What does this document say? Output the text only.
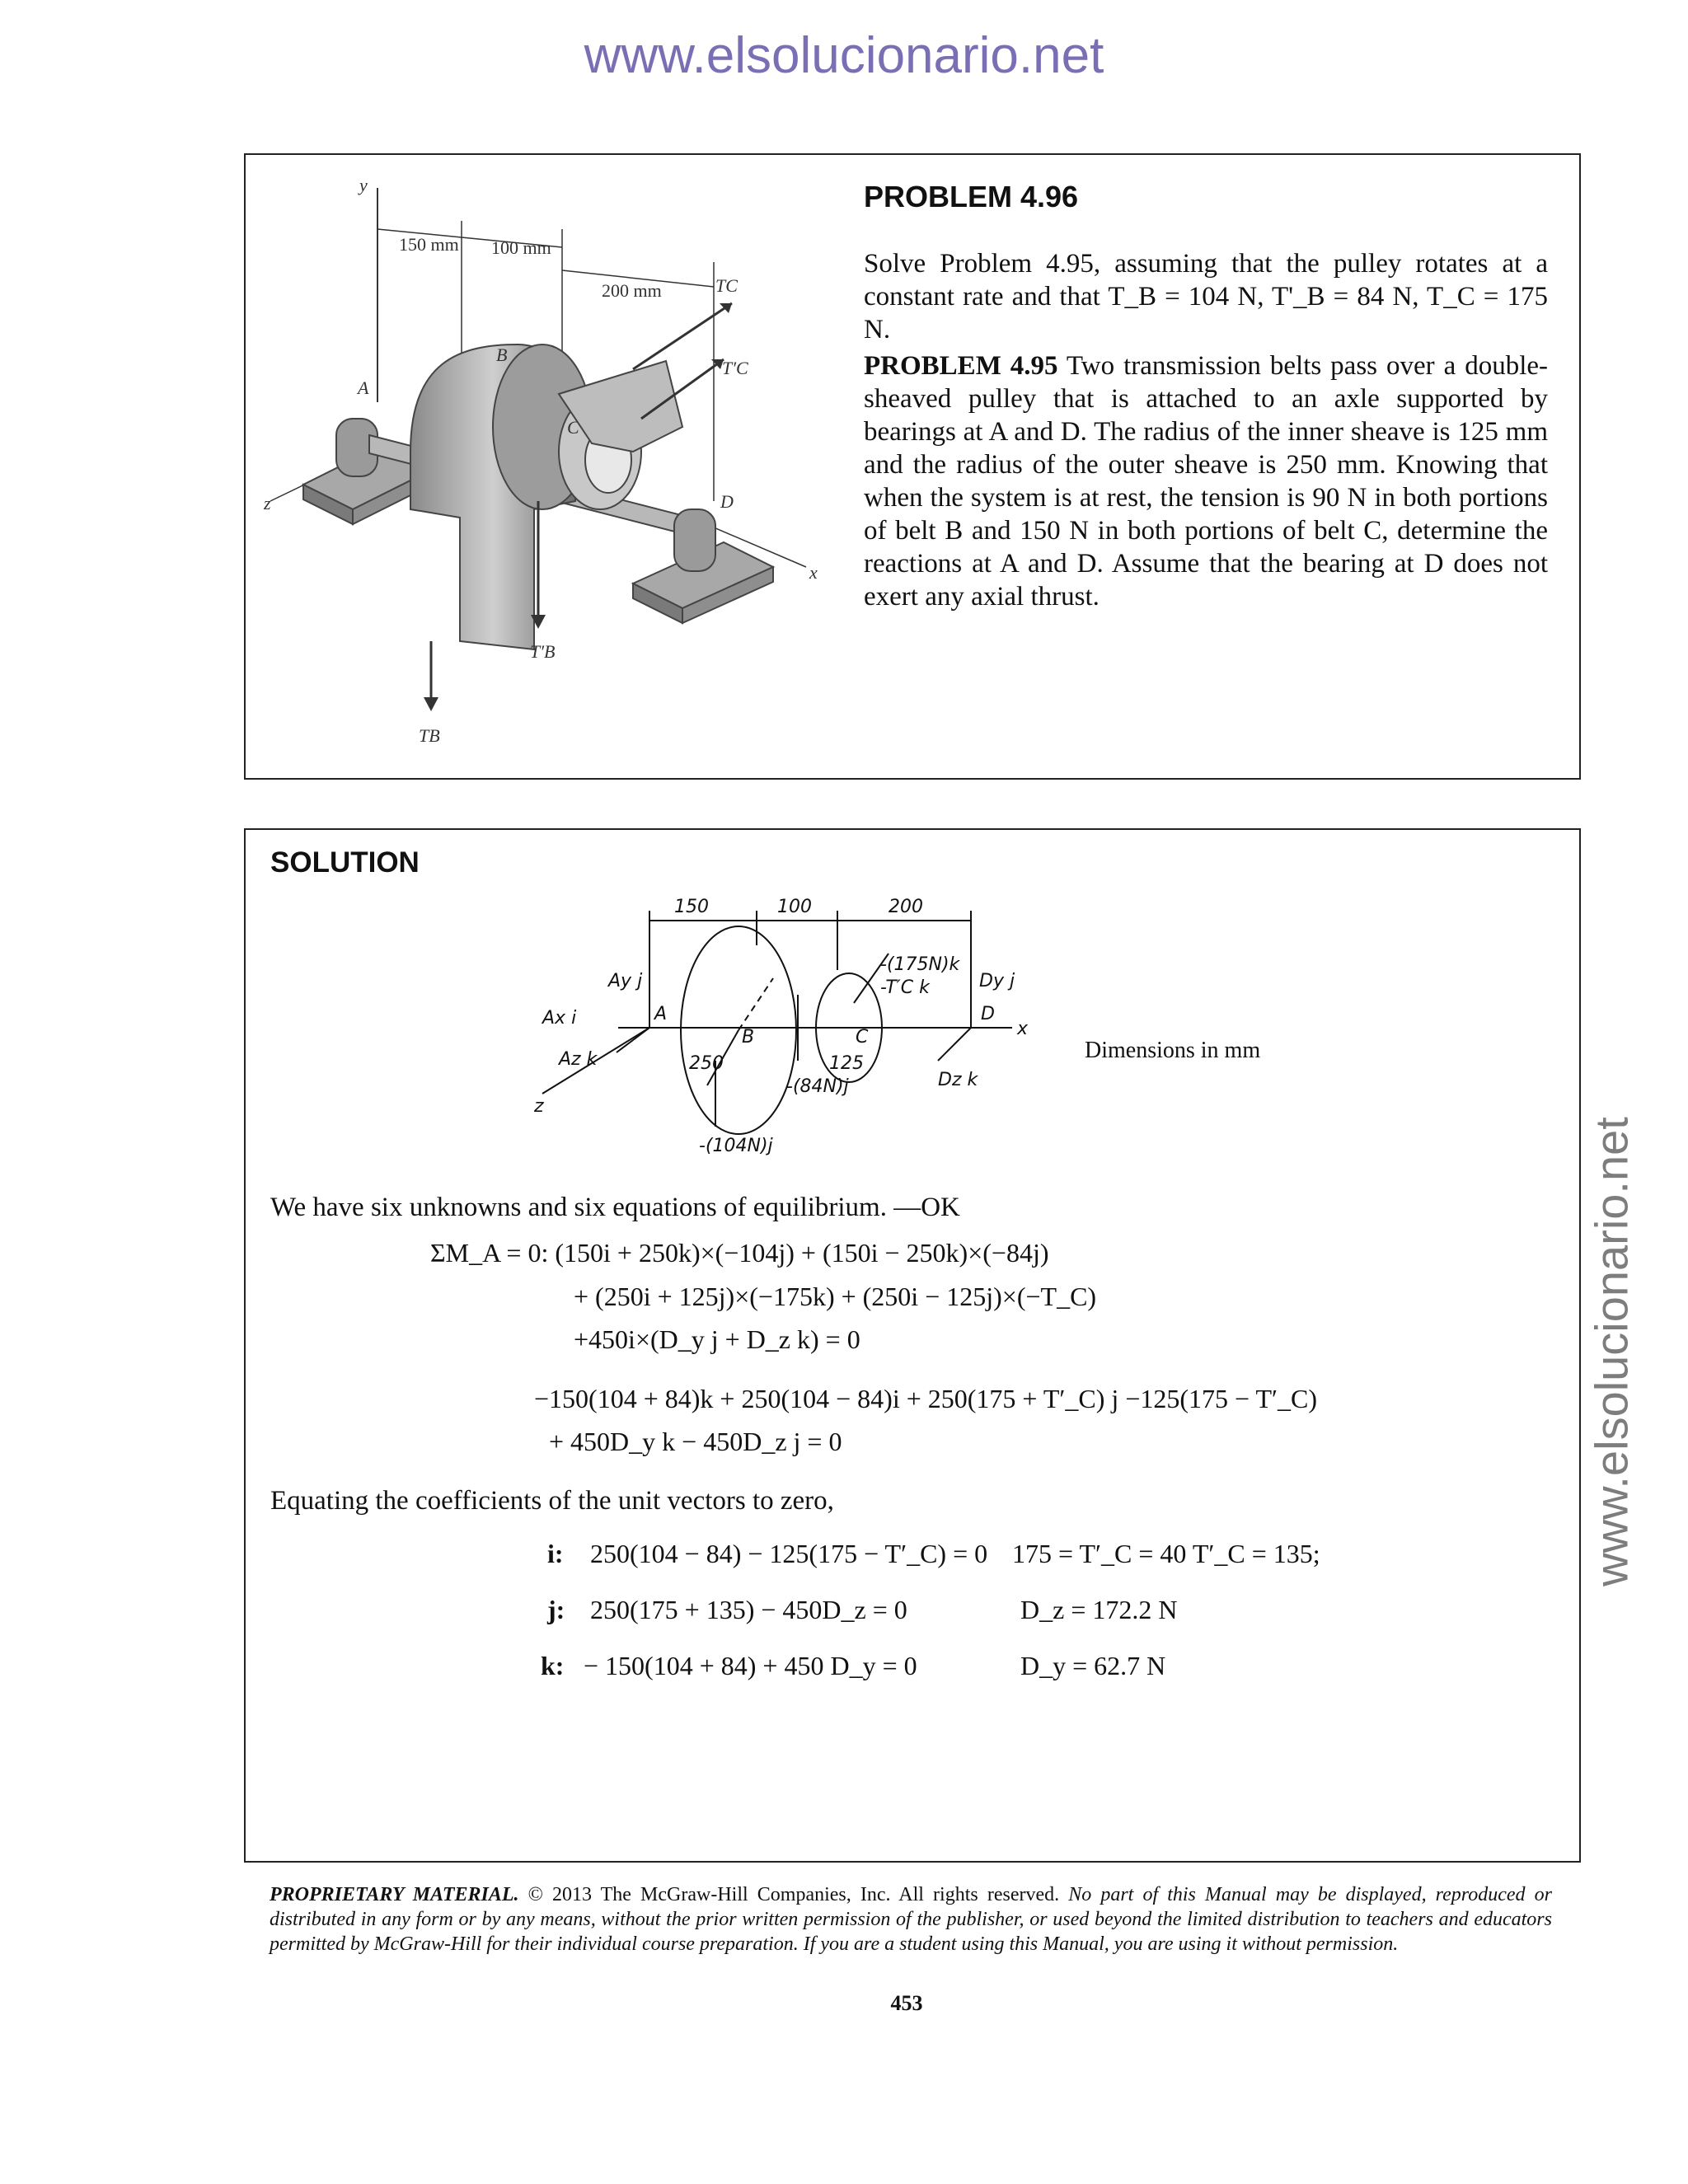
www.elsolucionario.net
www.elsolucionario.net
y
150 mm 100 mm
200 mm
z
x
A
B
C
TC
T′C
T′B
TB
D
PROBLEM 4.96
Solve Problem 4.95, assuming that the pulley rotates at a constant rate and that T_B = 104 N, T'_B = 84 N, T_C = 175 N.
PROBLEM 4.95 Two transmission belts pass over a double-sheaved pulley that is attached to an axle supported by bearings at A and D. The radius of the inner sheave is 125 mm and the radius of the outer sheave is 250 mm. Knowing that when the system is at rest, the tension is 90 N in both portions of belt B and 150 N in both portions of belt C, determine the reactions at A and D. Assume that the bearing at D does not exert any axial thrust.
SOLUTION
150	100	200
Ay j
Ax i
Az k
A
B	C
D
250	125
-(175N)k
-T′C k	Dy j
Dz k
-(84N)j
-(104N)j
x
z
Dimensions in mm
We have six unknowns and six equations of equilibrium. —OK
ΣM_A = 0: (150i + 250k)×(−104j) + (150i − 250k)×(−84j)
+ (250i + 125j)×(−175k) + (250i − 125j)×(−T_C)
+450i×(D_y j + D_z k) = 0
−150(104 + 84)k + 250(104 − 84)i + 250(175 + T′_C) j −125(175 − T′_C)
+ 450D_y k − 450D_z j = 0
Equating the coefficients of the unit vectors to zero,
i: 250(104 − 84) − 125(175 − T′_C) = 0 175 = T′_C = 40 T′_C = 135;
j: 250(175 + 135) − 450D_z = 0	D_z = 172.2 N
k: − 150(104 + 84) + 450 D_y = 0	D_y = 62.7 N
PROPRIETARY MATERIAL. © 2013 The McGraw-Hill Companies, Inc. All rights reserved. No part of this Manual may be displayed, reproduced or distributed in any form or by any means, without the prior written permission of the publisher, or used beyond the limited distribution to teachers and educators permitted by McGraw-Hill for their individual course preparation. If you are a student using this Manual, you are using it without permission.
453
